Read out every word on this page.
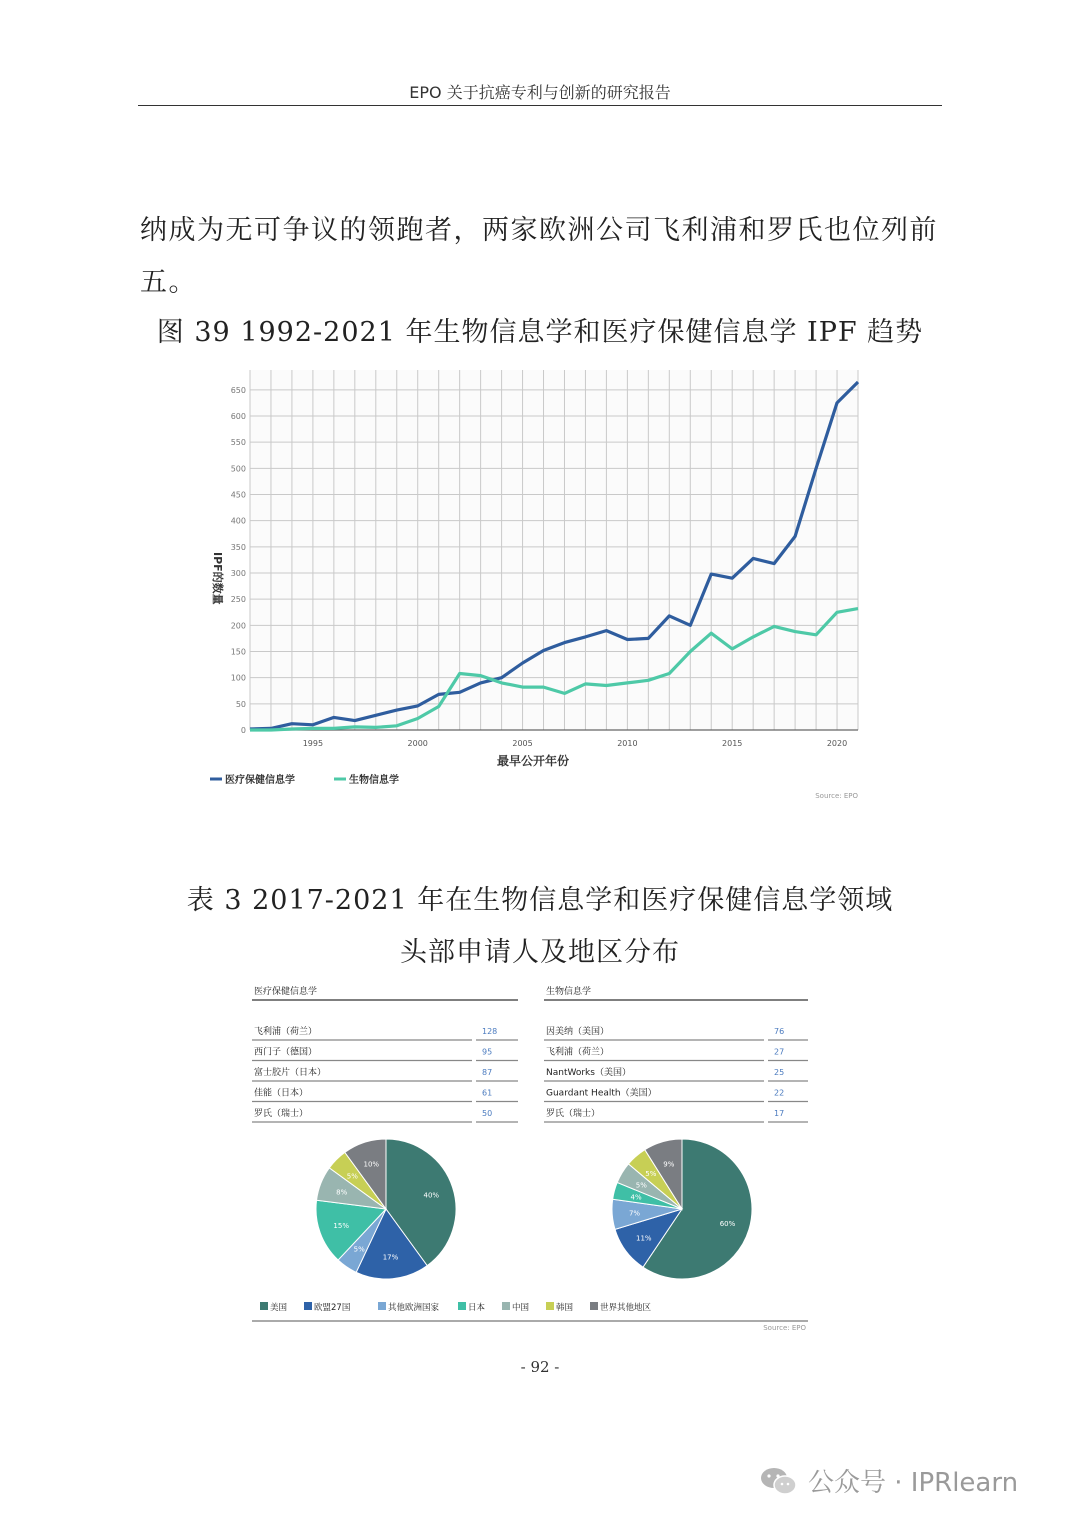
EPO 关于抗癌专利与创新的研究报告
纳成为无可争议的领跑者，两家欧洲公司飞利浦和罗氏也位列前五。
图 39 1992-2021 年生物信息学和医疗保健信息学 IPF 趋势
0
50
100
150
200
250
300
350
400
450
500
550
600
650
1995	2000	2005	2010	2015	2020
IPF的数量
最早公开年份
医疗保健信息学	生物信息学
Source: EPO
表 3 2017-2021 年在生物信息学和医疗保健信息学领域
头部申请人及地区分布
医疗保健信息学
飞利浦（荷兰）	128
西门子（德国）	95
富士胶片（日本）	87
佳能（日本）	61
罗氏（瑞士）	50
生物信息学
因美纳（美国）	76
飞利浦（荷兰）	27
NantWorks（美国）	25
Guardant Health（美国）	22
罗氏（瑞士）	17
40%
17%
5%
15%
8%
5%
10%
60%
11%
7%
4%
5%
5%
9%
美国	欧盟27国	其他欧洲国家	日本	中国	韩国	世界其他地区
Source: EPO
- 92 -
公众号 · IPRlearn
